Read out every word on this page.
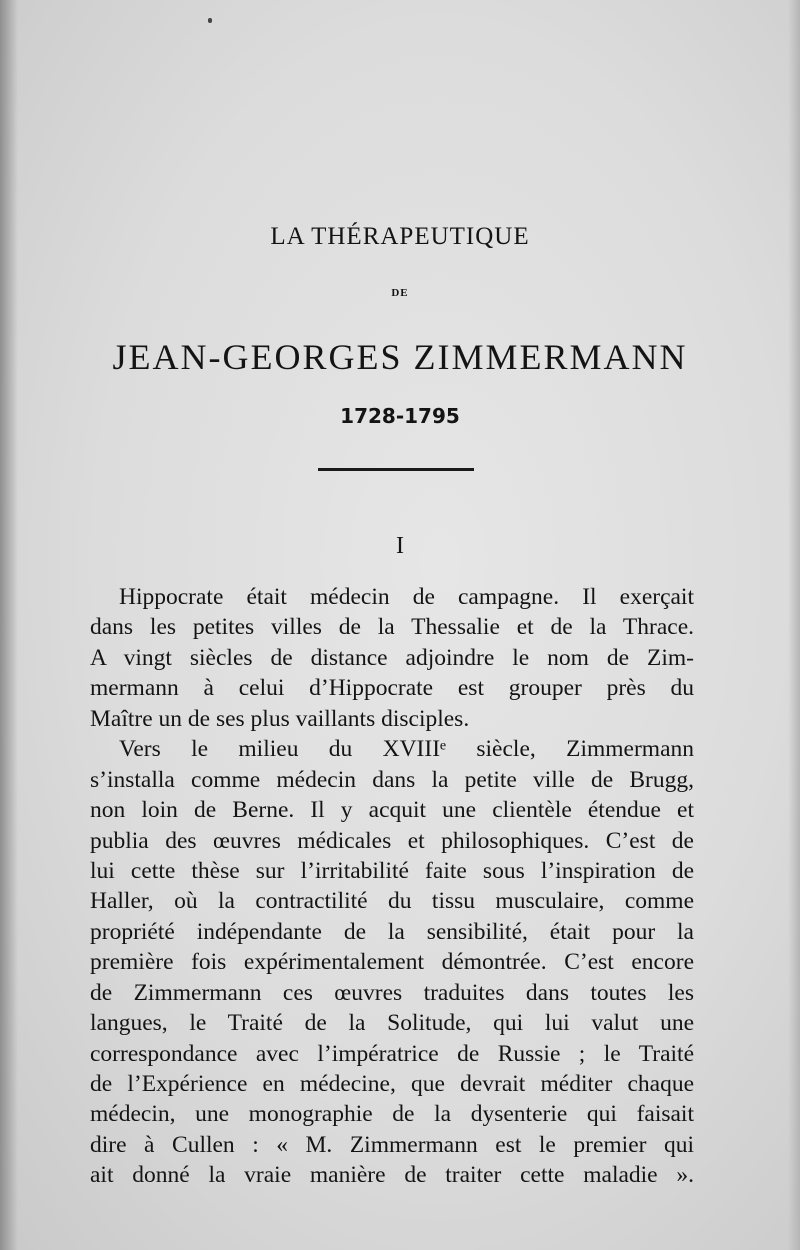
LA THÉRAPEUTIQUE
DE
JEAN-GEORGES ZIMMERMANN
1728-1795
I
Hippocrate était médecin de campagne. Il exerçait
dans les petites villes de la Thessalie et de la Thrace.
A vingt siècles de distance adjoindre le nom de Zim-
mermann à celui d’Hippocrate est grouper près du
Maître un de ses plus vaillants disciples.
Vers le milieu du XVIIIᵉ siècle, Zimmermann
s’installa comme médecin dans la petite ville de Brugg,
non loin de Berne. Il y acquit une clientèle étendue et
publia des œuvres médicales et philosophiques. C’est de
lui cette thèse sur l’irritabilité faite sous l’inspiration de
Haller, où la contractilité du tissu musculaire, comme
propriété indépendante de la sensibilité, était pour la
première fois expérimentalement démontrée. C’est encore
de Zimmermann ces œuvres traduites dans toutes les
langues, le Traité de la Solitude, qui lui valut une
correspondance avec l’impératrice de Russie ; le Traité
de l’Expérience en médecine, que devrait méditer chaque
médecin, une monographie de la dysenterie qui faisait
dire à Cullen : « M. Zimmermann est le premier qui
ait donné la vraie manière de traiter cette maladie ».
